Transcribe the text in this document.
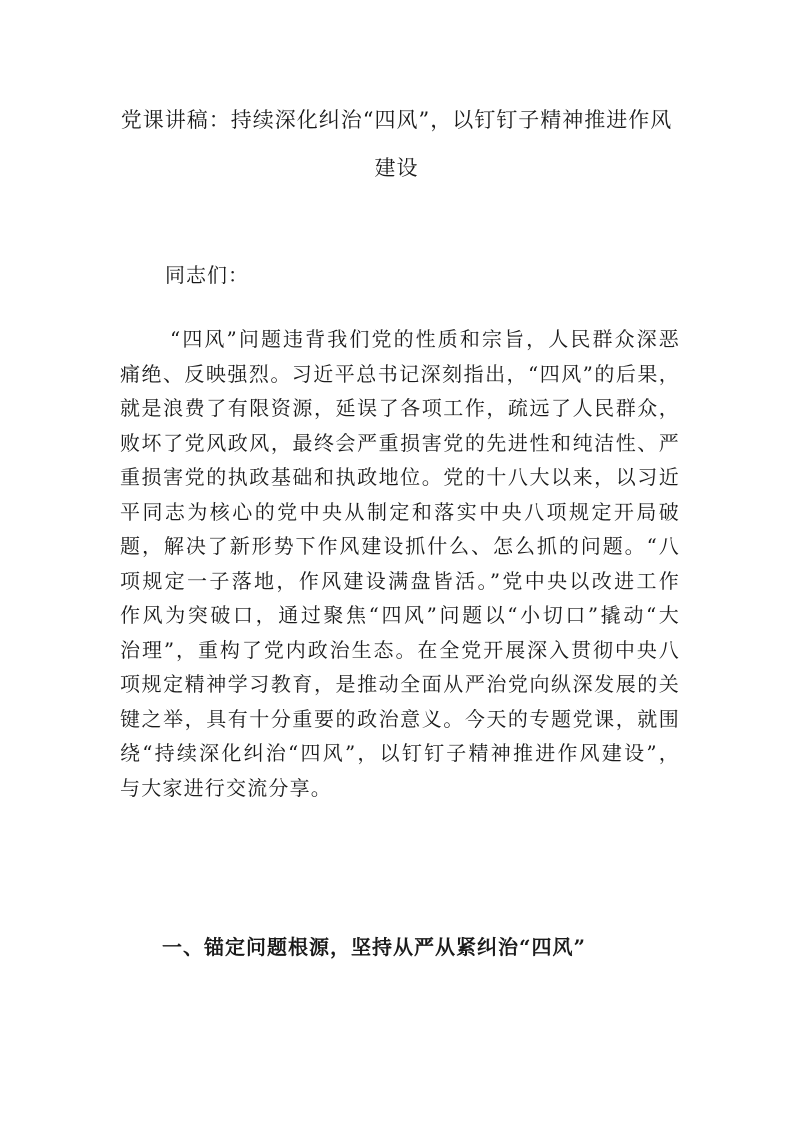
党课讲稿：持续深化纠治“四风”，以钉钉子精神推进作风
建设
同志们：
“四风”问题违背我们党的性质和宗旨，人民群众深恶
痛绝、反映强烈。习近平总书记深刻指出，“四风”的后果，
就是浪费了有限资源，延误了各项工作，疏远了人民群众，
败坏了党风政风，最终会严重损害党的先进性和纯洁性、严
重损害党的执政基础和执政地位。党的十八大以来，以习近
平同志为核心的党中央从制定和落实中央八项规定开局破
题，解决了新形势下作风建设抓什么、怎么抓的问题。“八
项规定一子落地，作风建设满盘皆活。”党中央以改进工作
作风为突破口，通过聚焦“四风”问题以“小切口”撬动“大
治理”，重构了党内政治生态。在全党开展深入贯彻中央八
项规定精神学习教育，是推动全面从严治党向纵深发展的关
键之举，具有十分重要的政治意义。今天的专题党课，就围
绕“持续深化纠治“四风”，以钉钉子精神推进作风建设”，
与大家进行交流分享。
一、锚定问题根源，坚持从严从紧纠治“四风”
